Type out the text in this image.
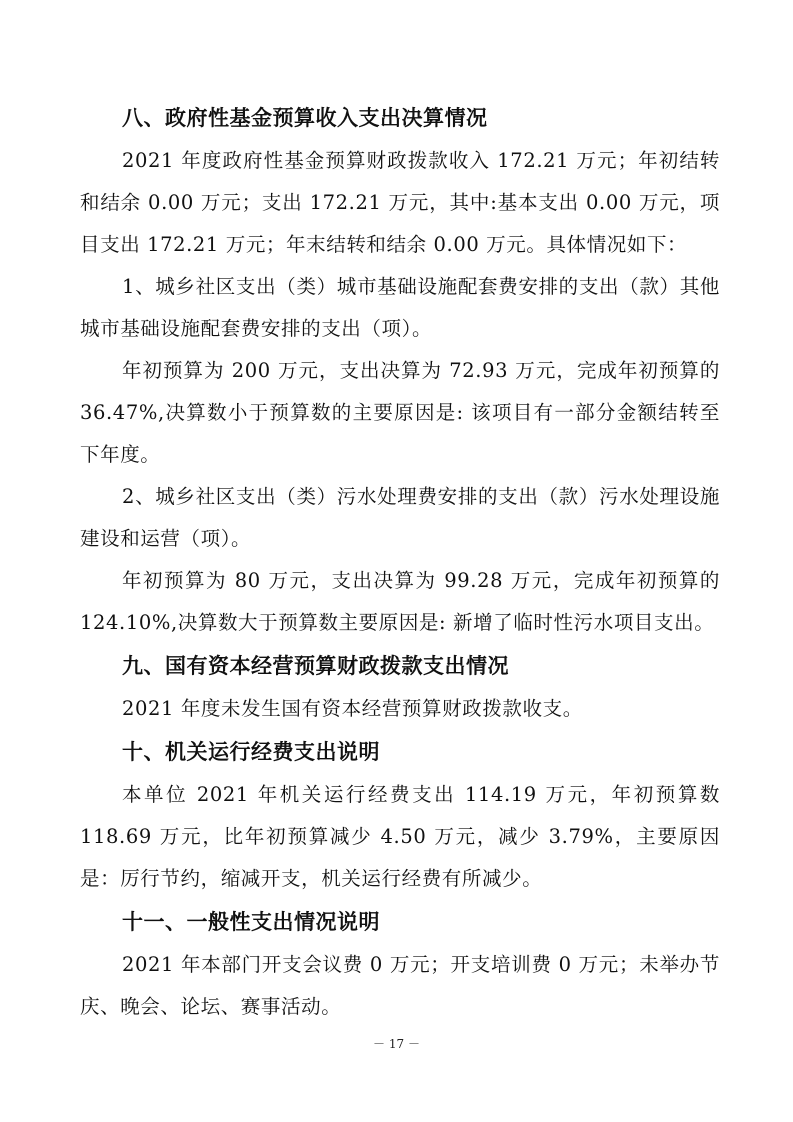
八、政府性基金预算收入支出决算情况

2021 年度政府性基金预算财政拨款收入 172.21 万元；年初结转和结余 0.00 万元；支出 172.21 万元，其中:基本支出 0.00 万元，项目支出 172.21 万元；年末结转和结余 0.00 万元。具体情况如下：

1、城乡社区支出（类）城市基础设施配套费安排的支出（款）其他城市基础设施配套费安排的支出（项）。

年初预算为 200 万元，支出决算为 72.93 万元，完成年初预算的 36.47%,决算数小于预算数的主要原因是: 该项目有一部分金额结转至下年度。

2、城乡社区支出（类）污水处理费安排的支出（款）污水处理设施建设和运营（项）。

年初预算为 80 万元，支出决算为 99.28 万元，完成年初预算的 124.10%,决算数大于预算数主要原因是: 新增了临时性污水项目支出。

九、国有资本经营预算财政拨款支出情况

2021 年度未发生国有资本经营预算财政拨款收支。

十、机关运行经费支出说明

本单位 2021 年机关运行经费支出 114.19 万元，年初预算数 118.69 万元，比年初预算减少 4.50 万元，减少 3.79%，主要原因是：厉行节约，缩减开支，机关运行经费有所减少。

十一、一般性支出情况说明

2021 年本部门开支会议费 0 万元；开支培训费 0 万元；未举办节庆、晚会、论坛、赛事活动。

－ 17 －
